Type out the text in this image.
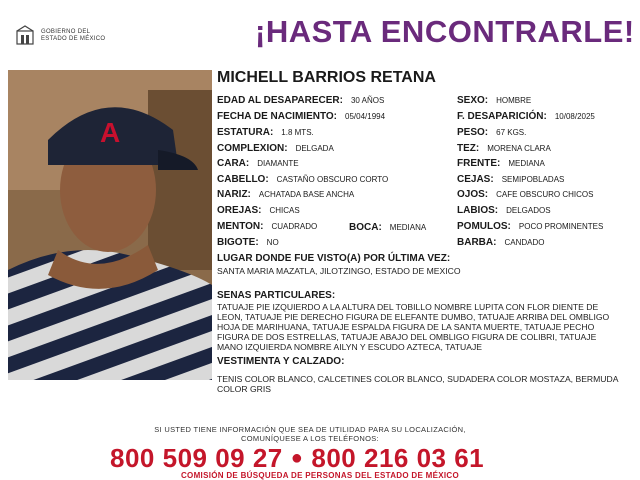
GOBIERNO DEL
ESTADO DE MÉXICO	¡HASTA ENCONTRARLE!
A
MICHELL BARRIOS RETANA
EDAD AL DESAPARECER: 30 AÑOS
FECHA DE NACIMIENTO: 05/04/1994
ESTATURA: 1.8 MTS.
COMPLEXION: DELGADA
CARA: DIAMANTE
CABELLO: CASTAÑO OBSCURO CORTO
NARIZ: ACHATADA BASE ANCHA
OREJAS: CHICAS
MENTON: CUADRADO
BIGOTE: NO
BOCA: MEDIANA
SEXO: HOMBRE
F. DESAPARICIÓN: 10/08/2025
PESO: 67 KGS.
TEZ: MORENA CLARA
FRENTE: MEDIANA
CEJAS: SEMIPOBLADAS
OJOS: CAFE OBSCURO CHICOS
LABIOS: DELGADOS
POMULOS: POCO PROMINENTES
BARBA: CANDADO
LUGAR DONDE FUE VISTO(A) POR ÚLTIMA VEZ:
SANTA MARIA MAZATLA, JILOTZINGO, ESTADO DE MEXICO
SENAS PARTICULARES:
TATUAJE PIE IZQUIERDO A LA ALTURA DEL TOBILLO NOMBRE LUPITA CON FLOR DIENTE DE LEON, TATUAJE PIE DERECHO FIGURA DE ELEFANTE DUMBO, TATUAJE ARRIBA DEL OMBLIGO HOJA DE MARIHUANA, TATUAJE ESPALDA FIGURA DE LA SANTA MUERTE, TATUAJE PECHO FIGURA DE DOS ESTRELLAS, TATUAJE ABAJO DEL OMBLIGO FIGURA DE COLIBRI, TATUAJE MANO IZQUIERDA NOMBRE AILYN Y ESCUDO AZTECA, TATUAJE
VESTIMENTA Y CALZADO:
TENIS COLOR BLANCO, CALCETINES COLOR BLANCO, SUDADERA COLOR MOSTAZA, BERMUDA COLOR GRIS
SI USTED TIENE INFORMACIÓN QUE SEA DE UTILIDAD PARA SU LOCALIZACIÓN,
COMUNÍQUESE A LOS TELÉFONOS:
800 509 09 27 ● 800 216 03 61
COMISIÓN DE BÚSQUEDA DE PERSONAS DEL ESTADO DE MÉXICO
